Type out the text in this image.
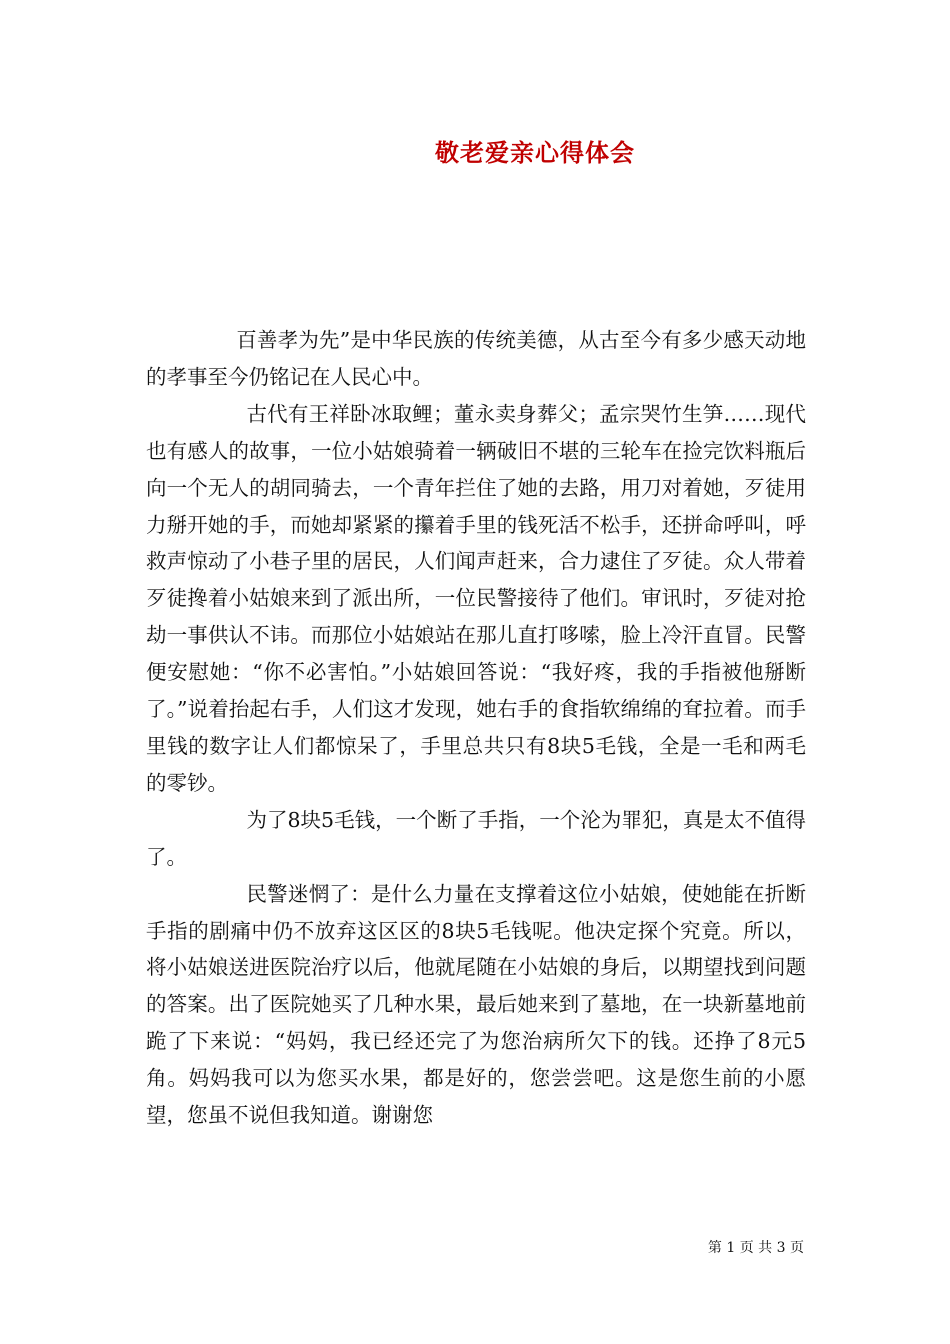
敬老爱亲心得体会

百善孝为先”是中华民族的传统美德，从古至今有多少感天动地的孝事至今仍铭记在人民心中。

古代有王祥卧冰取鲤；董永卖身葬父；孟宗哭竹生笋……现代也有感人的故事，一位小姑娘骑着一辆破旧不堪的三轮车在捡完饮料瓶后向一个无人的胡同骑去，一个青年拦住了她的去路，用刀对着她，歹徒用力掰开她的手，而她却紧紧的攥着手里的钱死活不松手，还拼命呼叫，呼救声惊动了小巷子里的居民，人们闻声赶来，合力逮住了歹徒。众人带着歹徒搀着小姑娘来到了派出所，一位民警接待了他们。审讯时，歹徒对抢劫一事供认不讳。而那位小姑娘站在那儿直打哆嗦，脸上冷汗直冒。民警便安慰她：“你不必害怕。”小姑娘回答说：“我好疼，我的手指被他掰断了。”说着抬起右手，人们这才发现，她右手的食指软绵绵的耷拉着。而手里钱的数字让人们都惊呆了，手里总共只有8块5毛钱，全是一毛和两毛的零钞。

为了8块5毛钱，一个断了手指，一个沦为罪犯，真是太不值得了。

民警迷惘了：是什么力量在支撑着这位小姑娘，使她能在折断手指的剧痛中仍不放弃这区区的8块5毛钱呢。他决定探个究竟。所以，将小姑娘送进医院治疗以后，他就尾随在小姑娘的身后，以期望找到问题的答案。出了医院她买了几种水果，最后她来到了墓地，在一块新墓地前跪了下来说：“妈妈，我已经还完了为您治病所欠下的钱。还挣了8元5角。妈妈我可以为您买水果，都是好的，您尝尝吧。这是您生前的小愿望，您虽不说但我知道。谢谢您

第 1 页 共 3 页
